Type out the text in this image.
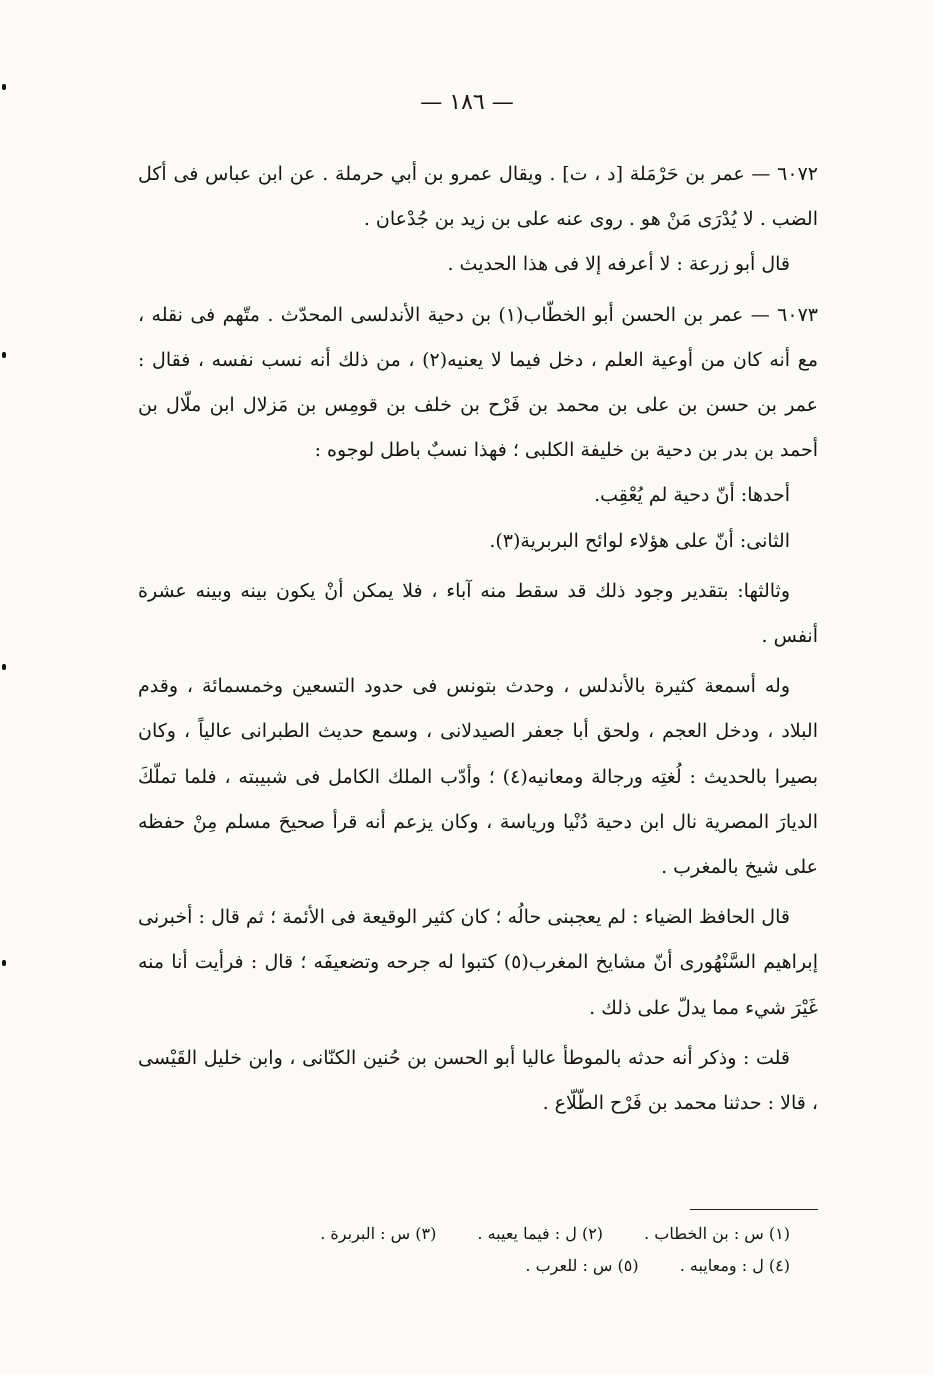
— ١٨٦ —

٦٠٧٢ — عمر بن حَرْمَلة [د ، ت] . ويقال عمرو بن أبي حرملة . عن ابن عباس فى أكل الضب . لا يُدْرَى مَنْ هو . روى عنه على بن زيد بن جُدْعان .

قال أبو زرعة : لا أعرفه إلا فى هذا الحديث .

٦٠٧٣ — عمر بن الحسن أبو الخطّاب(١) بن دحية الأندلسى المحدّث . متّهم فى نقله ، مع أنه كان من أوعية العلم ، دخل فيما لا يعنيه(٢) ، من ذلك أنه نسب نفسه ، فقال : عمر بن حسن بن على بن محمد بن فَرْح بن خلف بن قومِس بن مَزلال ابن ملّال بن أحمد بن بدر بن دحية بن خليفة الكلبى ؛ فهذا نسبٌ باطل لوجوه :

أحدها: أنّ دحية لم يُعْقِب.

الثانى: أنّ على هؤلاء لوائح البربرية(٣).

وثالثها: بتقدير وجود ذلك قد سقط منه آباء ، فلا يمكن أنْ يكون بينه وبينه عشرة أنفس .

وله أسمعة كثيرة بالأندلس ، وحدث بتونس فى حدود التسعين وخمسمائة ، وقدم البلاد ، ودخل العجم ، ولحق أبا جعفر الصيدلانى ، وسمع حديث الطبرانى عالياً ، وكان بصيرا بالحديث : لُغتِه ورجالة ومعانيه(٤) ؛ وأدّب الملك الكامل فى شبيبته ، فلما تملّكَ الديارَ المصرية نال ابن دحية دُنْيا ورياسة ، وكان يزعم أنه قرأ صحيحَ مسلم مِنْ حفظه على شيخ بالمغرب .

قال الحافظ الضياء : لم يعجبنى حالُه ؛ كان كثير الوقيعة فى الأئمة ؛ ثم قال : أخبرنى إبراهيم السَّنْهُورى أنّ مشايخ المغرب(٥) كتبوا له جرحه وتضعيفَه ؛ قال : فرأيت أنا منه غَيْرَ شيء مما يدلّ على ذلك .

قلت : وذكر أنه حدثه بالموطأ عاليا أبو الحسن بن حُنين الكنّانى ، وابن خليل القَيْسى ، قالا : حدثنا محمد بن فَرْح الطّلّاع .

(١) س : بن الخطاب . (٢) ل : فيما يعيبه . (٣) س : البربرة .
(٤) ل : ومعايبه . (٥) س : للعرب .
